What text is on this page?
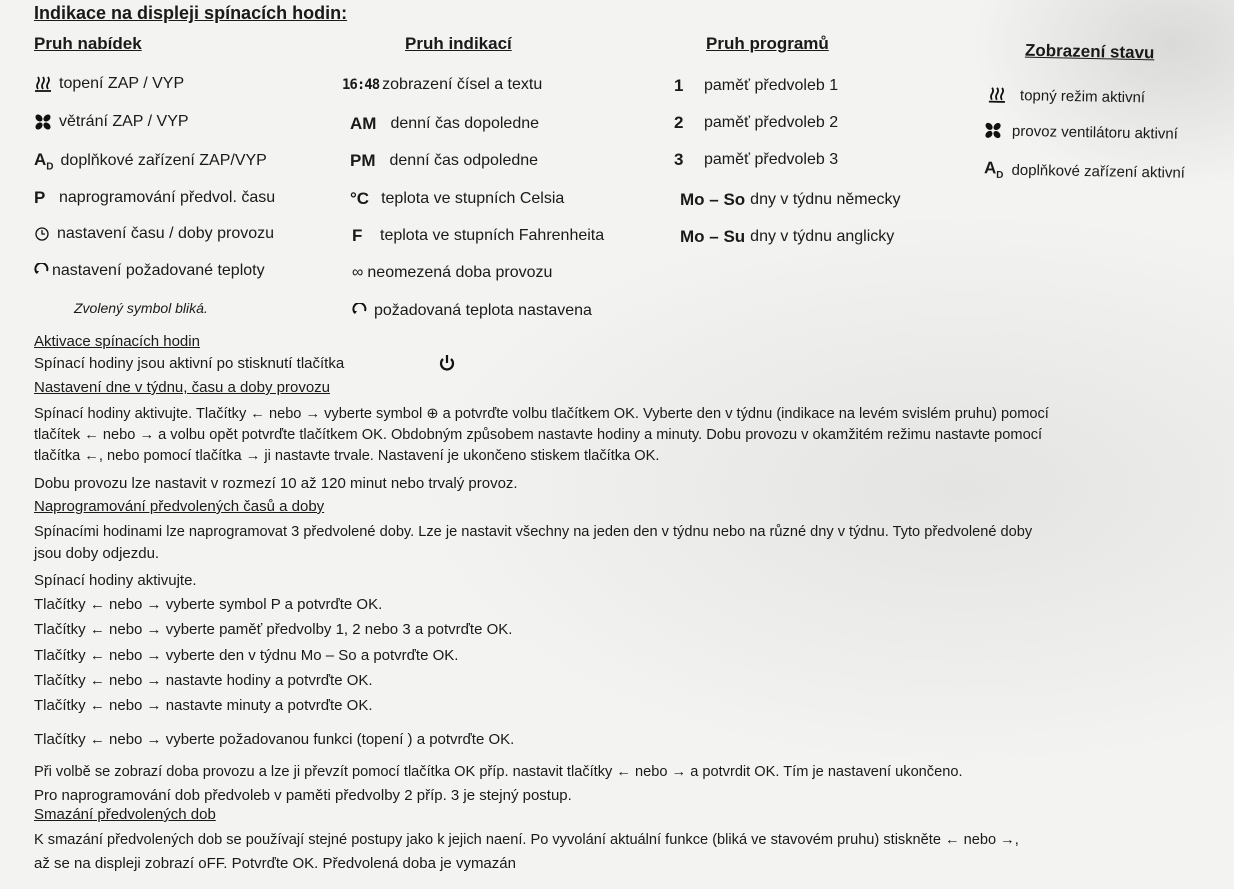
Indikace na displeji spínacích hodin:
Pruh nabídek	Pruh indikací	Pruh programů	Zobrazení stavu
topení ZAP / VYP
větrání ZAP / VYP
$A_D$ doplňkové zařízení ZAP/VYP
P naprogramování předvol. času
nastavení času / doby provozu
nastavení požadované teploty
Zvolený symbol bliká.
16:48 zobrazení čísel a textu
AM denní čas dopoledne
PM denní čas odpoledne
°C teplota ve stupních Celsia
F	teplota ve stupních Fahrenheita
∞ neomezená doba provozu
požadovaná teplota nastavena
1	paměť předvoleb 1
2	paměť předvoleb 2
3	paměť předvoleb 3
Mo – So dny v týdnu německy
Mo – Su dny v týdnu anglicky
topný režim aktivní
provoz ventilátoru aktivní
$A_D$ doplňkové zařízení aktivní
Aktivace spínacích hodin
Spínací hodiny jsou aktivní po stisknutí tlačítka
Nastavení dne v týdnu, času a doby provozu
Spínací hodiny aktivujte. Tlačítky ← nebo → vyberte symbol ⊕ a potvrďte volbu tlačítkem OK. Vyberte den v týdnu (indikace na levém svislém pruhu) pomocí
tlačítek ← nebo → a volbu opět potvrďte tlačítkem OK. Obdobným způsobem nastavte hodiny a minuty. Dobu provozu v okamžitém režimu nastavte pomocí
tlačítka ←, nebo pomocí tlačítka → ji nastavte trvale. Nastavení je ukončeno stiskem tlačítka OK.
Dobu provozu lze nastavit v rozmezí 10 až 120 minut nebo trvalý provoz.
Naprogramování předvolených časů a doby
Spínacími hodinami lze naprogramovat 3 předvolené doby. Lze je nastavit všechny na jeden den v týdnu nebo na různé dny v týdnu. Tyto předvolené doby
jsou doby odjezdu.
Spínací hodiny aktivujte.
Tlačítky ← nebo → vyberte symbol P a potvrďte OK.
Tlačítky ← nebo → vyberte paměť předvolby 1, 2 nebo 3 a potvrďte OK.
Tlačítky ← nebo → vyberte den v týdnu Mo – So a potvrďte OK.
Tlačítky ← nebo → nastavte hodiny a potvrďte OK.
Tlačítky ← nebo → nastavte minuty a potvrďte OK.
Tlačítky ← nebo → vyberte požadovanou funkci (topení ) a potvrďte OK.
Při volbě se zobrazí doba provozu a lze ji převzít pomocí tlačítka OK příp. nastavit tlačítky ← nebo → a potvrdit OK. Tím je nastavení ukončeno.
Pro naprogramování dob předvoleb v paměti předvolby 2 příp. 3 je stejný postup.
Smazání předvolených dob
K smazání předvolených dob se používají stejné postupy jako k jejich naení. Po vyvolání aktuální funkce (bliká ve stavovém pruhu) stiskněte ← nebo →,
až se na displeji zobrazí oFF. Potvrďte OK. Předvolená doba je vymazán
